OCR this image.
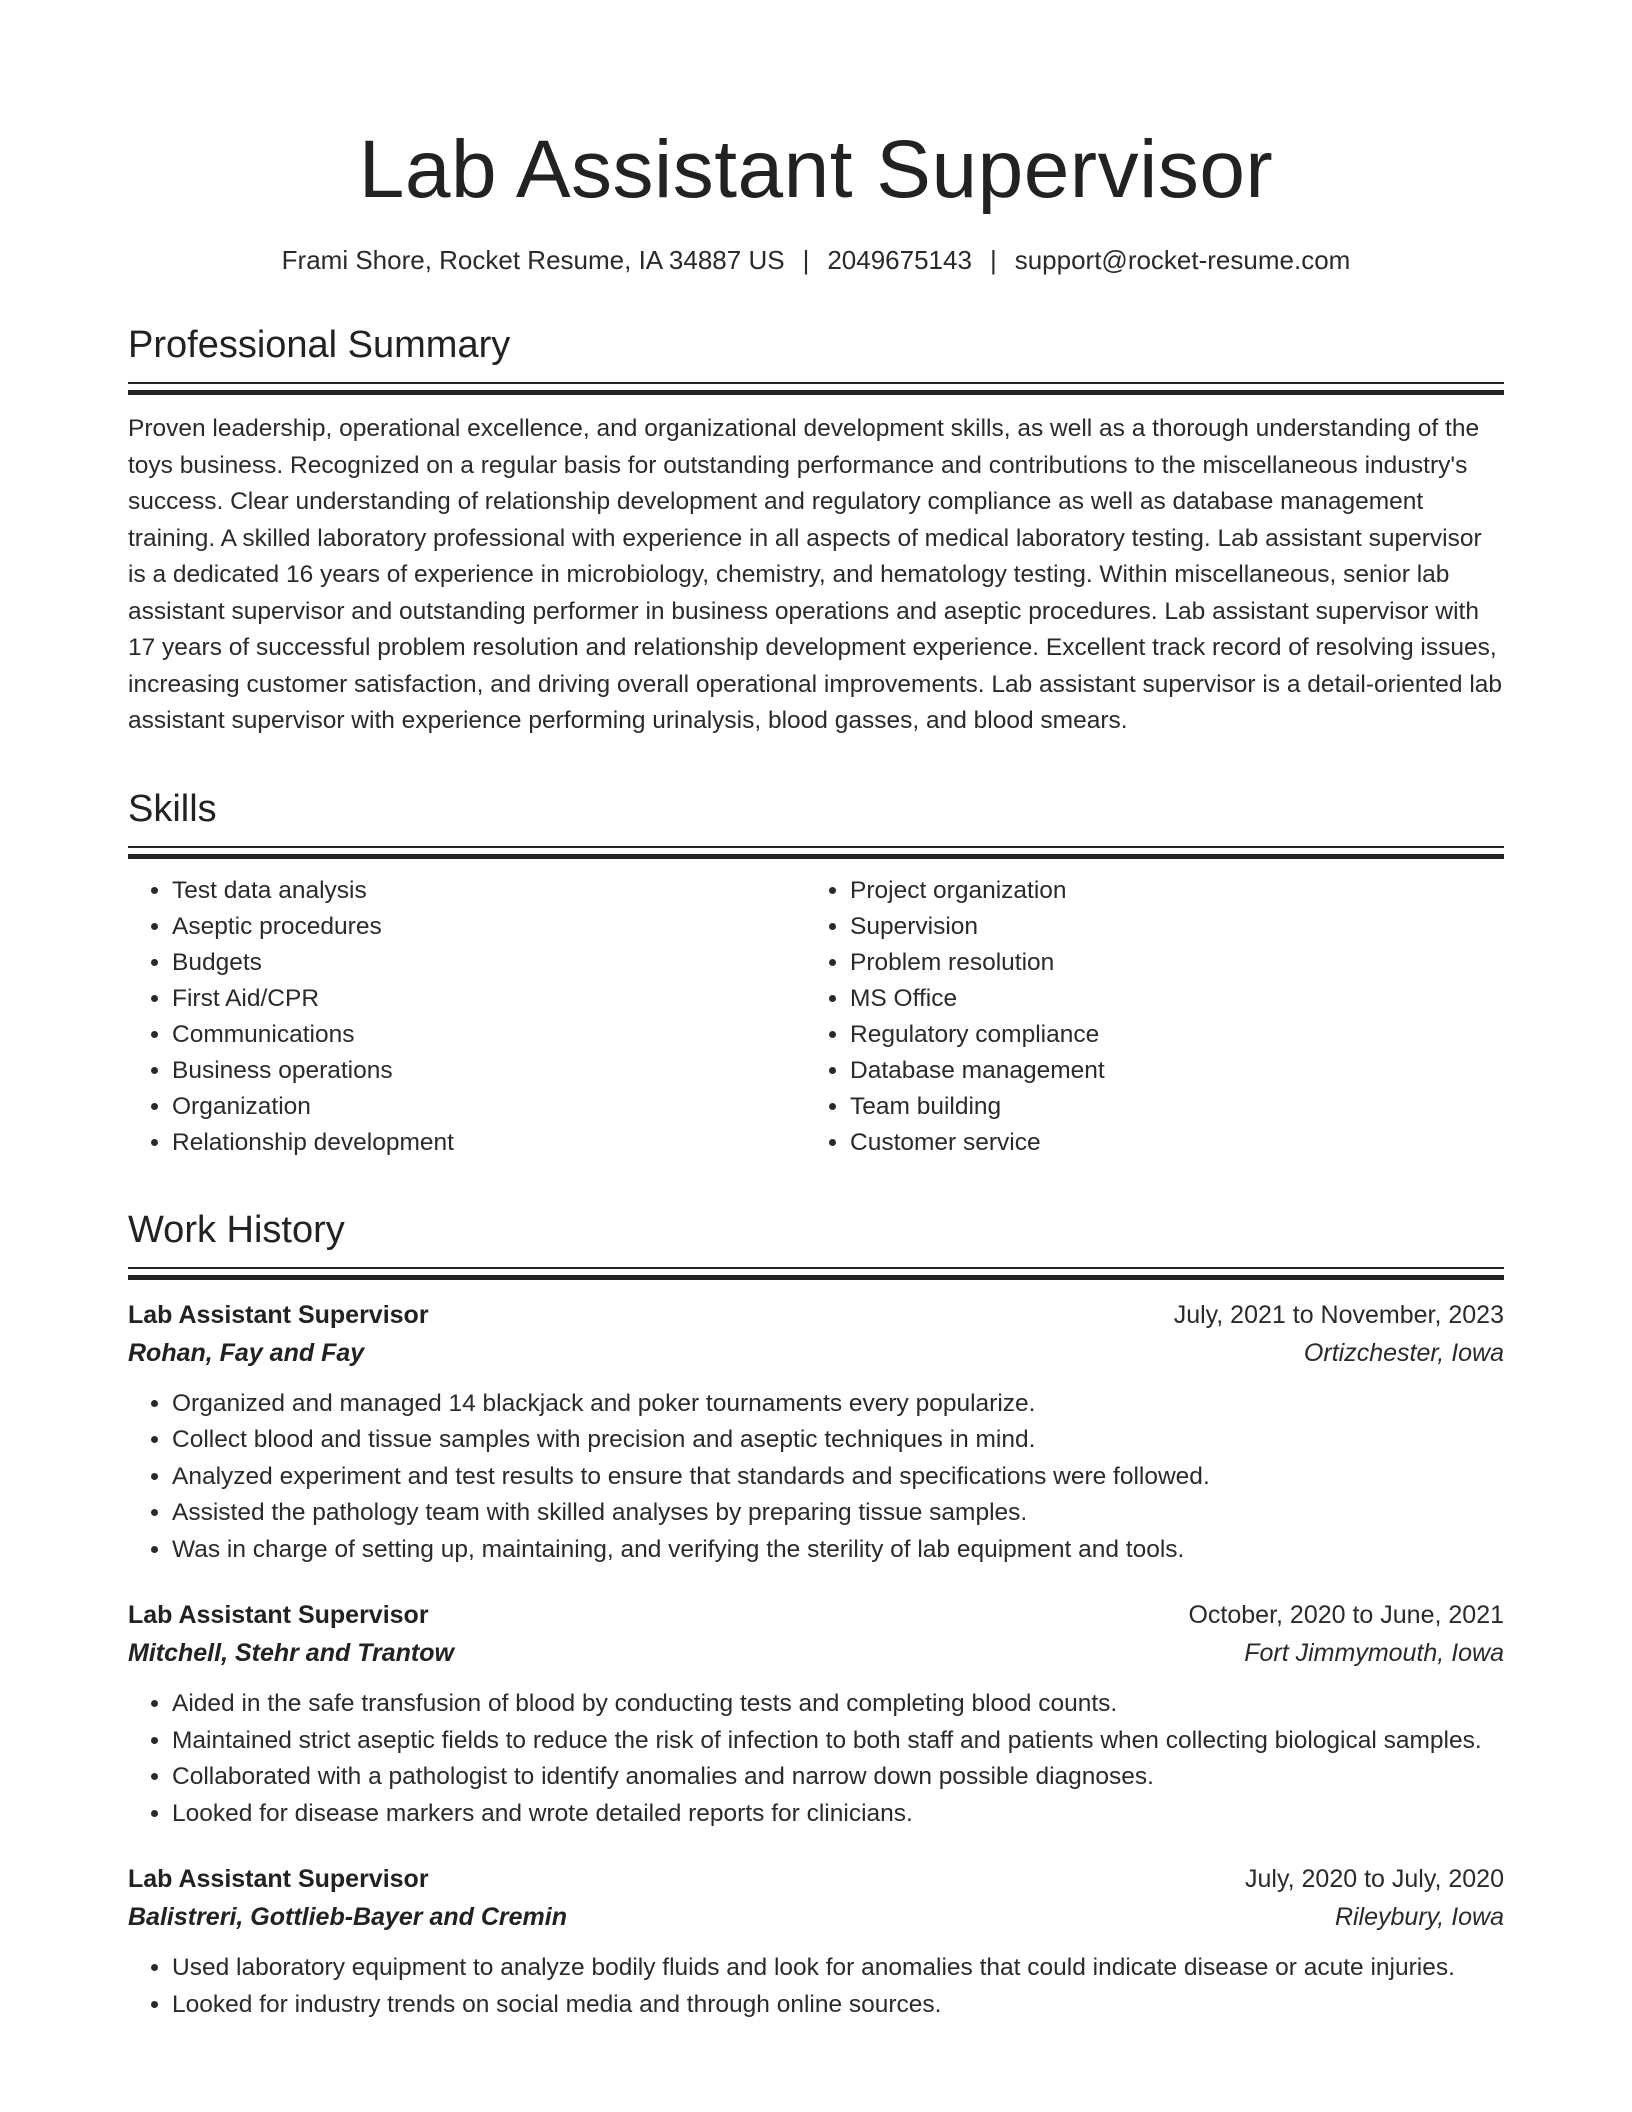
Lab Assistant Supervisor
Frami Shore, Rocket Resume, IA 34887 US | 2049675143 | support@rocket-resume.com
Professional Summary

Proven leadership, operational excellence, and organizational development skills, as well as a thorough understanding of the toys business. Recognized on a regular basis for outstanding performance and contributions to the miscellaneous industry's success. Clear understanding of relationship development and regulatory compliance as well as database management training. A skilled laboratory professional with experience in all aspects of medical laboratory testing. Lab assistant supervisor is a dedicated 16 years of experience in microbiology, chemistry, and hematology testing. Within miscellaneous, senior lab assistant supervisor and outstanding performer in business operations and aseptic procedures. Lab assistant supervisor with 17 years of successful problem resolution and relationship development experience. Excellent track record of resolving issues, increasing customer satisfaction, and driving overall operational improvements. Lab assistant supervisor is a detail-oriented lab assistant supervisor with experience performing urinalysis, blood gasses, and blood smears.

Skills
• Test data analysis
• Aseptic procedures
• Budgets
• First Aid/CPR
• Communications
• Business operations
• Organization
• Relationship development
• Project organization
• Supervision
• Problem resolution
• MS Office
• Regulatory compliance
• Database management
• Team building
• Customer service
Work History
Lab Assistant Supervisor	July, 2021 to November, 2023
Rohan, Fay and Fay	Ortizchester, Iowa
• Organized and managed 14 blackjack and poker tournaments every popularize.
• Collect blood and tissue samples with precision and aseptic techniques in mind.
• Analyzed experiment and test results to ensure that standards and specifications were followed.
• Assisted the pathology team with skilled analyses by preparing tissue samples.
• Was in charge of setting up, maintaining, and verifying the sterility of lab equipment and tools.
Lab Assistant Supervisor	October, 2020 to June, 2021
Mitchell, Stehr and Trantow	Fort Jimmymouth, Iowa
• Aided in the safe transfusion of blood by conducting tests and completing blood counts.
• Maintained strict aseptic fields to reduce the risk of infection to both staff and patients when collecting biological samples.
• Collaborated with a pathologist to identify anomalies and narrow down possible diagnoses.
• Looked for disease markers and wrote detailed reports for clinicians.
Lab Assistant Supervisor	July, 2020 to July, 2020
Balistreri, Gottlieb-Bayer and Cremin	Rileybury, Iowa
• Used laboratory equipment to analyze bodily fluids and look for anomalies that could indicate disease or acute injuries.
• Looked for industry trends on social media and through online sources.
